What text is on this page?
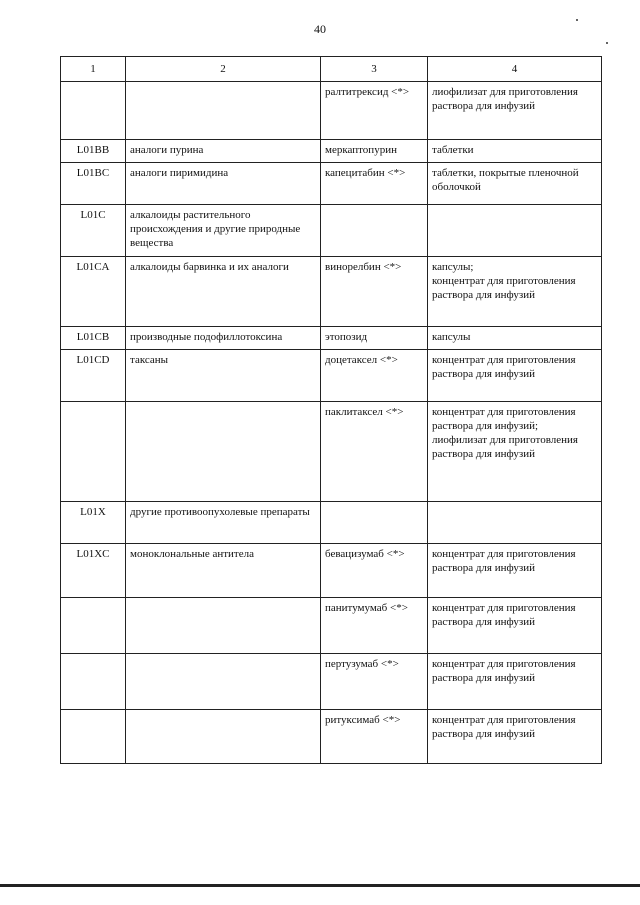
40
1	2	3	4
		ралтитрексид <*>	лиофилизат для приготовления раствора для инфузий
L01BB	аналоги пурина	меркаптопурин	таблетки
L01BC	аналоги пиримидина	капецитабин <*>	таблетки, покрытые пленочной оболочкой
L01C	алкалоиды растительного происхождения и другие природные вещества		
L01CA	алкалоиды барвинка и их аналоги	винорелбин <*>	капсулы;
концентрат для приготовления раствора для инфузий
L01CB	производные подофиллотоксина	этопозид	капсулы
L01CD	таксаны	доцетаксел <*>	концентрат для приготовления раствора для инфузий
		паклитаксел <*>	концентрат для приготовления раствора для инфузий;
лиофилизат для приготовления раствора для инфузий
L01X	другие противоопухолевые препараты		
L01XC	моноклональные антитела	бевацизумаб <*>	концентрат для приготовления раствора для инфузий
		панитумумаб <*>	концентрат для приготовления раствора для инфузий
		пертузумаб <*>	концентрат для приготовления раствора для инфузий
		ритуксимаб <*>	концентрат для приготовления раствора для инфузий
